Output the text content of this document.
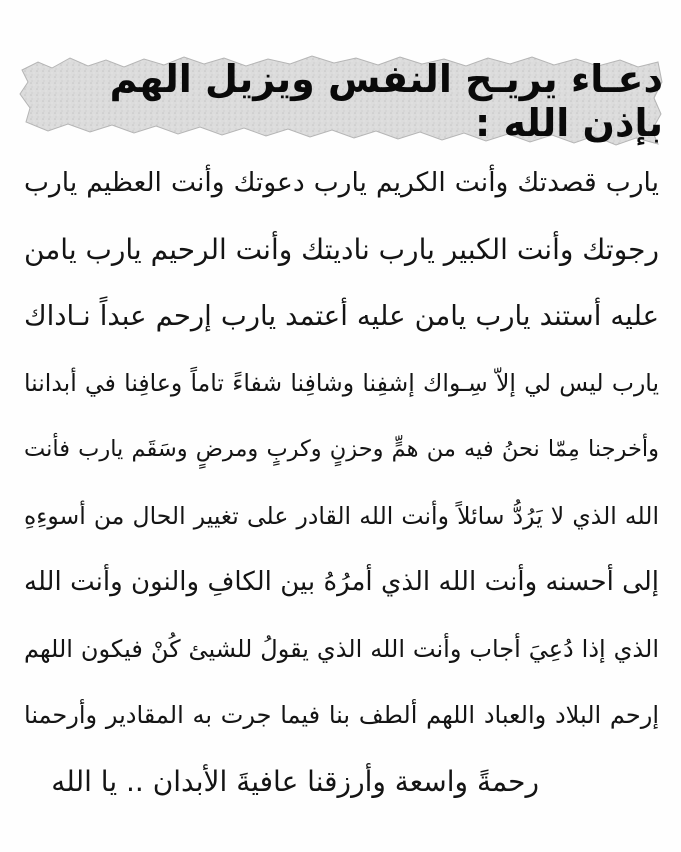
دعـاء يريـح النفس ويزيل الهم بإذن الله :
يارب قصدتك وأنت الكريم يارب دعوتك وأنت العظيم يارب
رجوتك وأنت الكبير يارب ناديتك وأنت الرحيم يارب يامن
عليه أستند يارب يامن عليه أعتمد يارب إرحم عبداً نـاداك
يارب ليس لي إلاّ سِـواك إشفِنا وشافِنا شفاءً تاماً وعافِنا في أبداننا
وأخرجنا مِمّا نحنُ فيه من همٍّ وحزنٍ وكربٍ ومرضٍ وسَقَم يارب فأنت
الله الذي لا يَرُدُّ سائلاً وأنت الله القادر على تغيير الحال من أسوءِهِ
إلى أحسنه وأنت الله الذي أمرُهُ بين الكافِ والنون وأنت الله
الذي إذا دُعِيَ أجاب وأنت الله الذي يقولُ للشيئ كُنْ فيكون اللهم
إرحم البلاد والعباد اللهم ألطف بنا فيما جرت به المقادير وأرحمنا
رحمةً واسعة وأرزقنا عافيةَ الأبدان .. يا الله
